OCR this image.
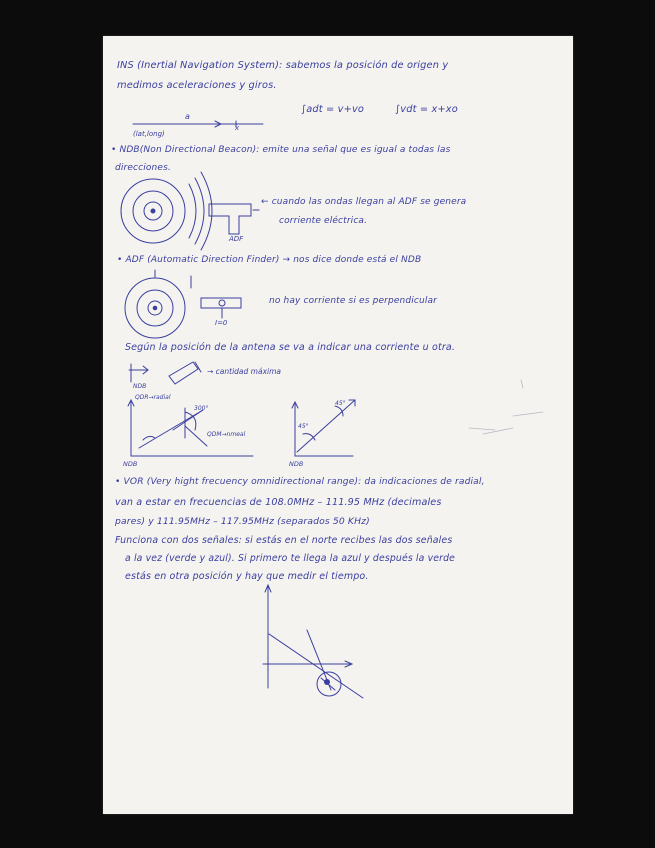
INS (Inertial Navigation System): sabemos la posición de origen y
medimos aceleraciones y giros.
∫adt = v+vo	∫vdt = x+xo
a
x
(lat,long)
• NDB(Non Directional Beacon): emite una señal que es igual a todas las
direcciones.
← cuando las ondas llegan al ADF se genera
corriente eléctrica.
ADF
• ADF (Automatic Direction Finder) → nos dice donde está el NDB
no hay corriente si es perpendicular
I=0
Según la posición de la antena se va a indicar una corriente u otra.
→ cantidad máxima
NDB
QDR→radial
300°
QDM→nmeal
NDB
45°
45°
NDB
• VOR (Very hight frecuency omnidirectional range): da indicaciones de radial,
van a estar en frecuencias de 108.0MHz – 111.95 MHz (decimales
pares) y 111.95MHz – 117.95MHz (separados 50 KHz)
Funciona con dos señales: si estás en el norte recibes las dos señales
a la vez (verde y azul). Si primero te llega la azul y después la verde
estás en otra posición y hay que medir el tiempo.
